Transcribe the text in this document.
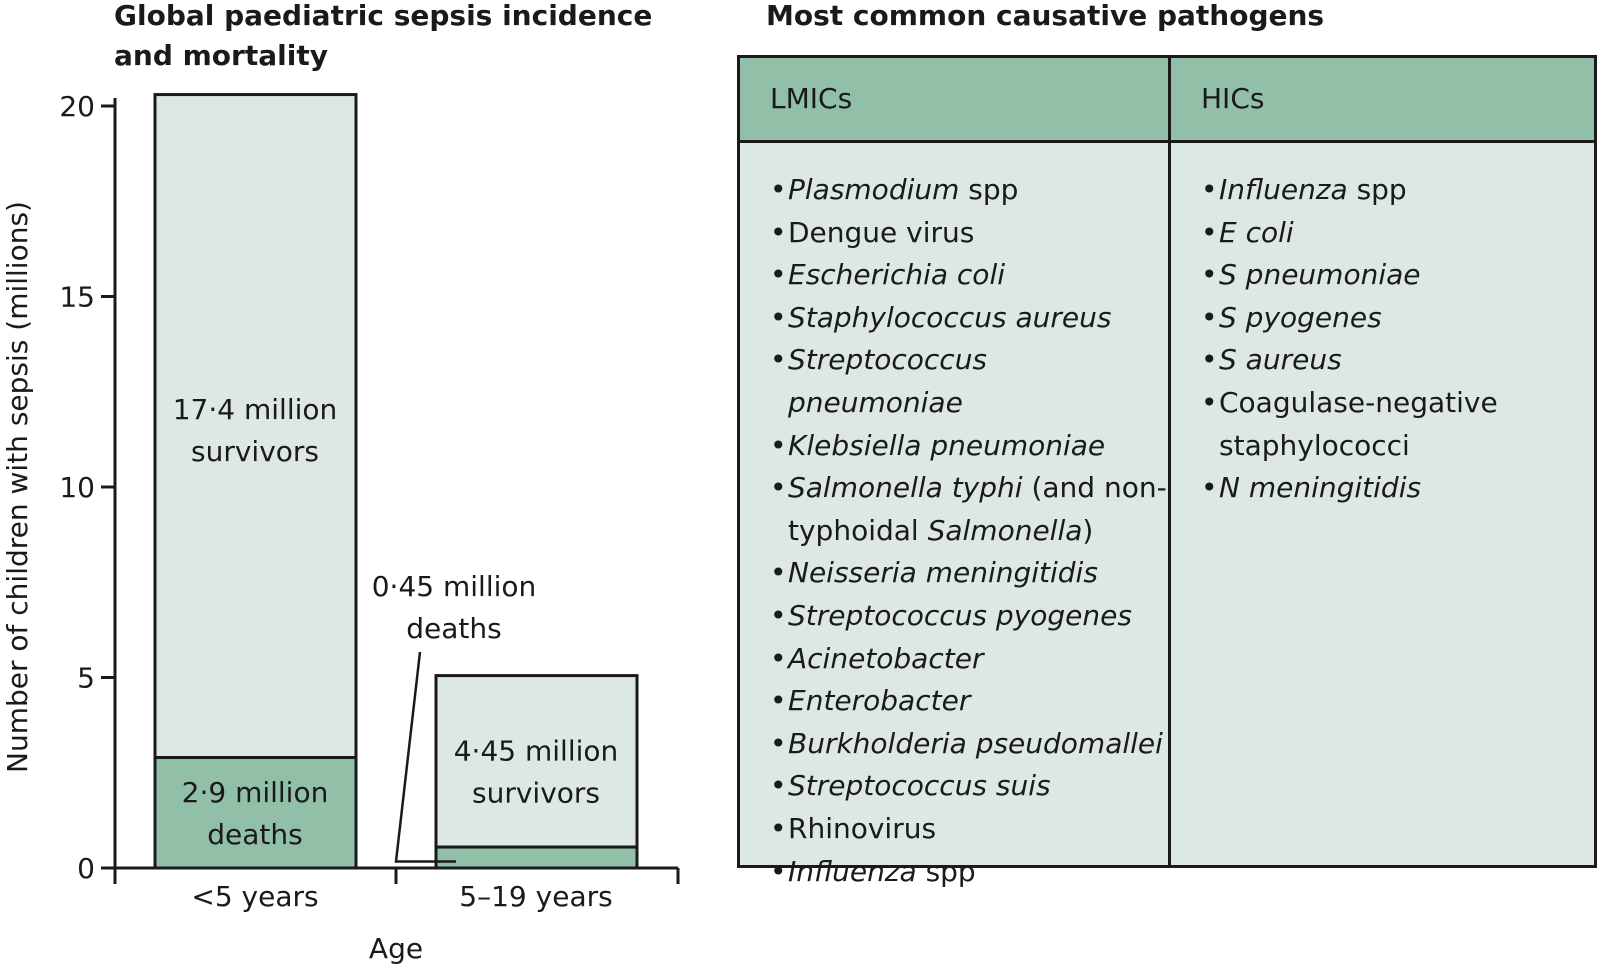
Global paediatric sepsis incidence and mortality
Most common causative pathogens
0
5
10
15
20
Age
Number of children with sepsis (millions)
<5 years
17·4 million
survivors
2·9 million
deaths
5–19 years
4·45 million
survivors
0·45 million
deaths
LMICs
• Plasmodium spp
• Dengue virus
• Escherichia coli
• Staphylococcus aureus
• Streptococcus pneumoniae
• Klebsiella pneumoniae
• Salmonella typhi (and non-typhoidal Salmonella)
• Neisseria meningitidis
• Streptococcus pyogenes
• Acinetobacter
• Enterobacter
• Burkholderia pseudomallei
• Streptococcus suis
• Rhinovirus
• Influenza spp
HICs
• Influenza spp
• E coli
• S pneumoniae
• S pyogenes
• S aureus
• Coagulase-negative staphylococci
• N meningitidis
